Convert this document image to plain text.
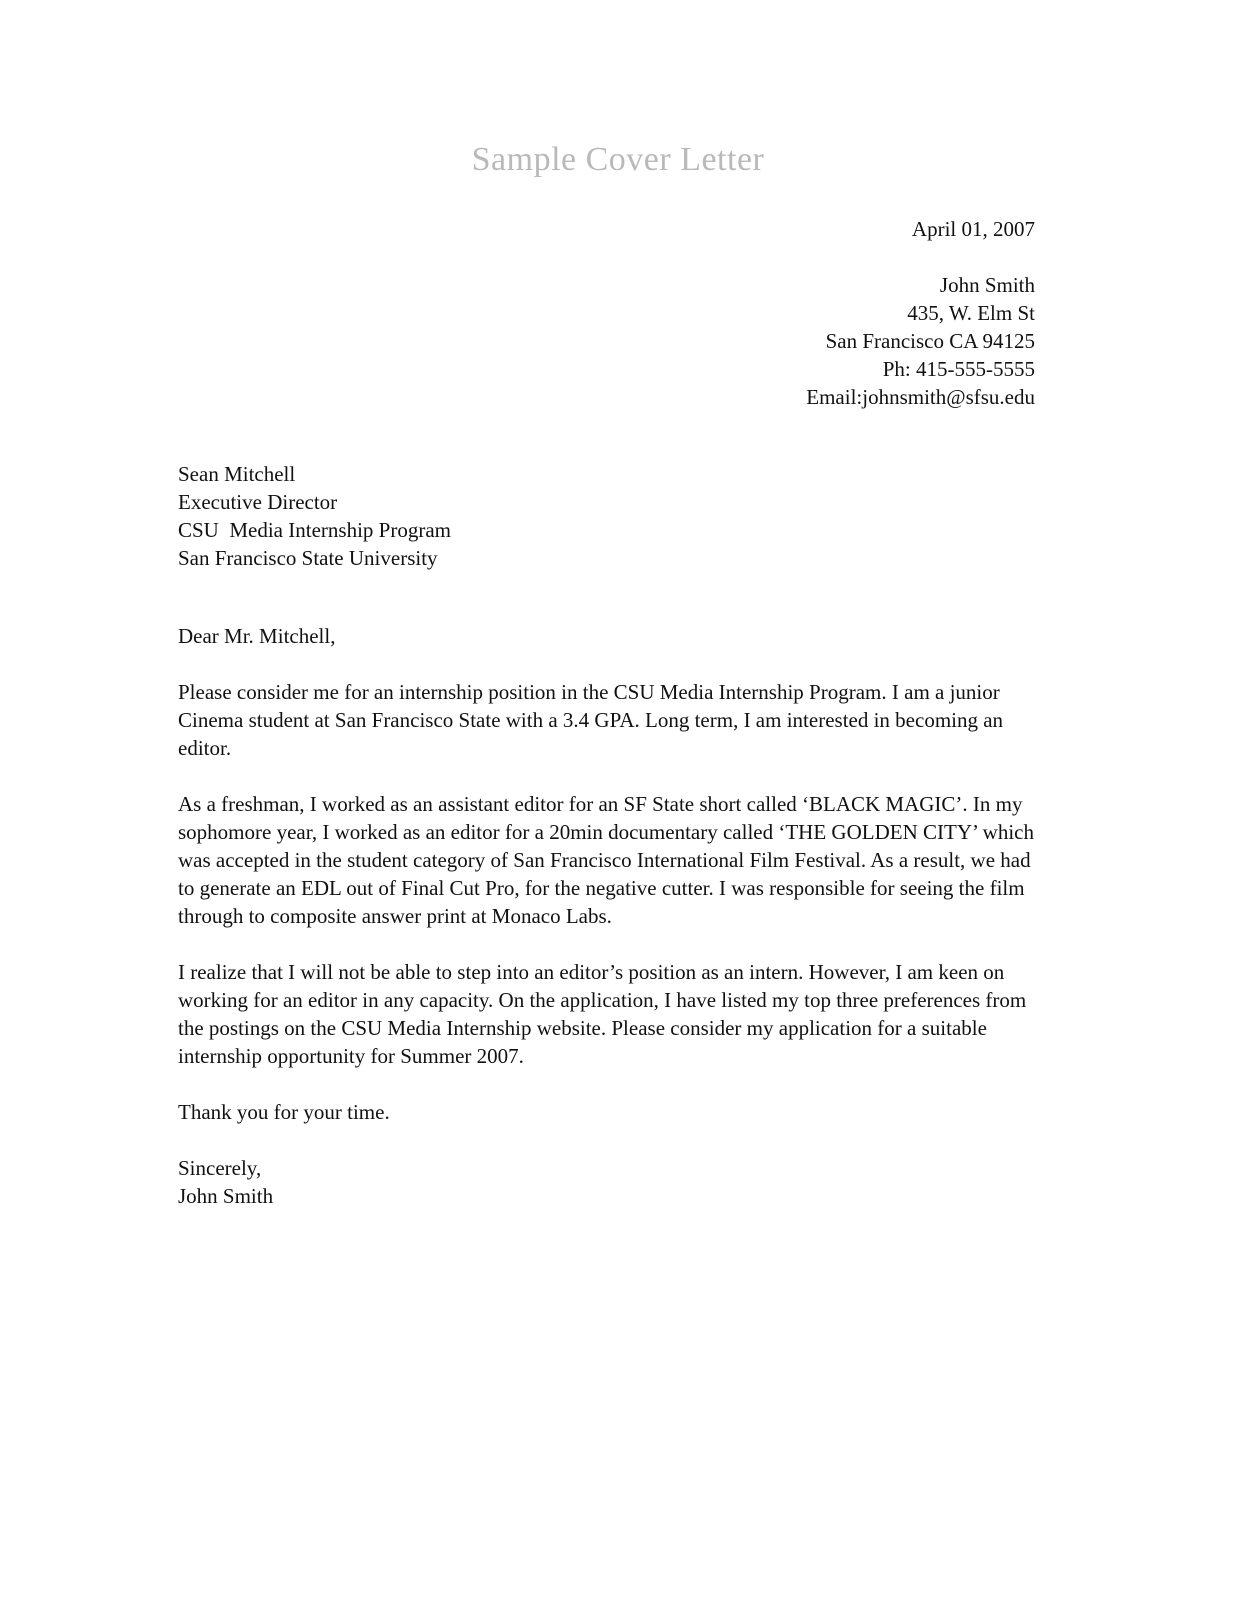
Sample Cover Letter
April 01, 2007
John Smith
435, W. Elm St
San Francisco CA 94125
Ph: 415-555-5555
Email:johnsmith@sfsu.edu
Sean Mitchell
Executive Director
CSU  Media Internship Program
San Francisco State University
Dear Mr. Mitchell,

Please consider me for an internship position in the CSU Media Internship Program. I am a junior Cinema student at San Francisco State with a 3.4 GPA. Long term, I am interested in becoming an editor.

As a freshman, I worked as an assistant editor for an SF State short called ‘BLACK MAGIC’. In my sophomore year, I worked as an editor for a 20min documentary called ‘THE GOLDEN CITY’ which was accepted in the student category of San Francisco International Film Festival. As a result, we had to generate an EDL out of Final Cut Pro, for the negative cutter. I was responsible for seeing the film through to composite answer print at Monaco Labs.

I realize that I will not be able to step into an editor’s position as an intern. However, I am keen on working for an editor in any capacity. On the application, I have listed my top three preferences from the postings on the CSU Media Internship website. Please consider my application for a suitable internship opportunity for Summer 2007.

Thank you for your time.

Sincerely,
John Smith
